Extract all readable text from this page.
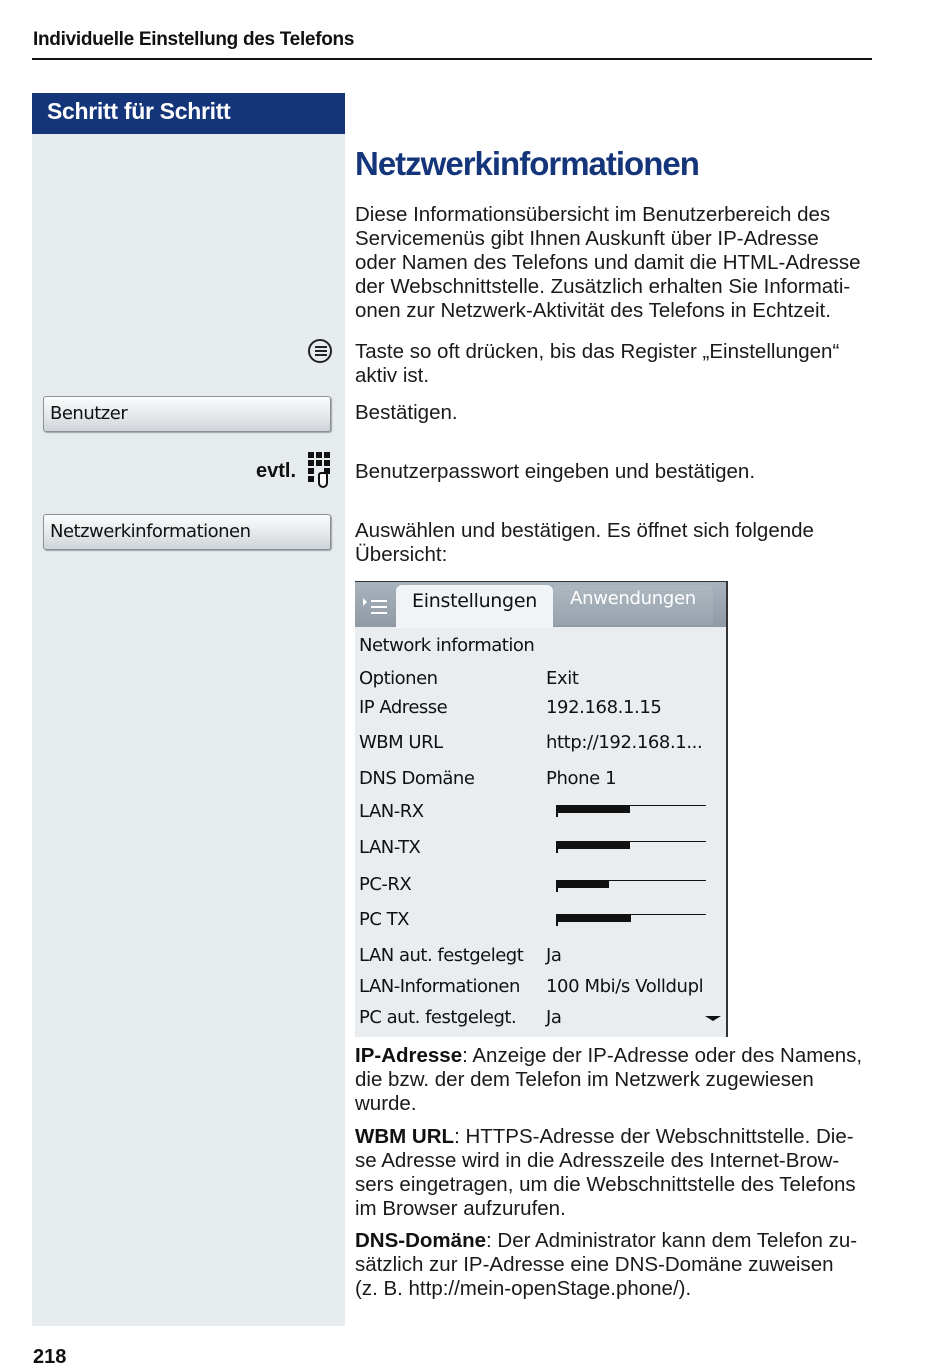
Individuelle Einstellung des Telefons
Schritt für Schritt
Benutzer
evtl.
Netzwerkinformationen
Netzwerkinformationen
Diese Informationsübersicht im Benutzerbereich des
Servicemenüs gibt Ihnen Auskunft über IP-Adresse
oder Namen des Telefons und damit die HTML-Adresse
der Webschnittstelle. Zusätzlich erhalten Sie Informati-
onen zur Netzwerk-Aktivität des Telefons in Echtzeit.
Taste so oft drücken, bis das Register „Einstellungen“
aktiv ist.
Bestätigen.
Benutzerpasswort eingeben und bestätigen.
Auswählen und bestätigen. Es öffnet sich folgende
Übersicht:
Einstellungen	Anwendungen
Network information
Optionen	Exit
IP Adresse	192.168.1.15
WBM URL	http://192.168.1...
DNS Domäne	Phone 1
LAN-RX
LAN-TX
PC-RX
PC TX
LAN aut. festgelegt Ja
LAN-Informationen 100 Mbi/s Volldupl
PC aut. festgelegt. Ja
IP-Adresse: Anzeige der IP-Adresse oder des Namens,
die bzw. der dem Telefon im Netzwerk zugewiesen
wurde.
WBM URL: HTTPS-Adresse der Webschnittstelle. Die-
se Adresse wird in die Adresszeile des Internet-Brow-
sers eingetragen, um die Webschnittstelle des Telefons
im Browser aufzurufen.
DNS-Domäne: Der Administrator kann dem Telefon zu-
sätzlich zur IP-Adresse eine DNS-Domäne zuweisen
(z. B. http://mein-openStage.phone/).
218
